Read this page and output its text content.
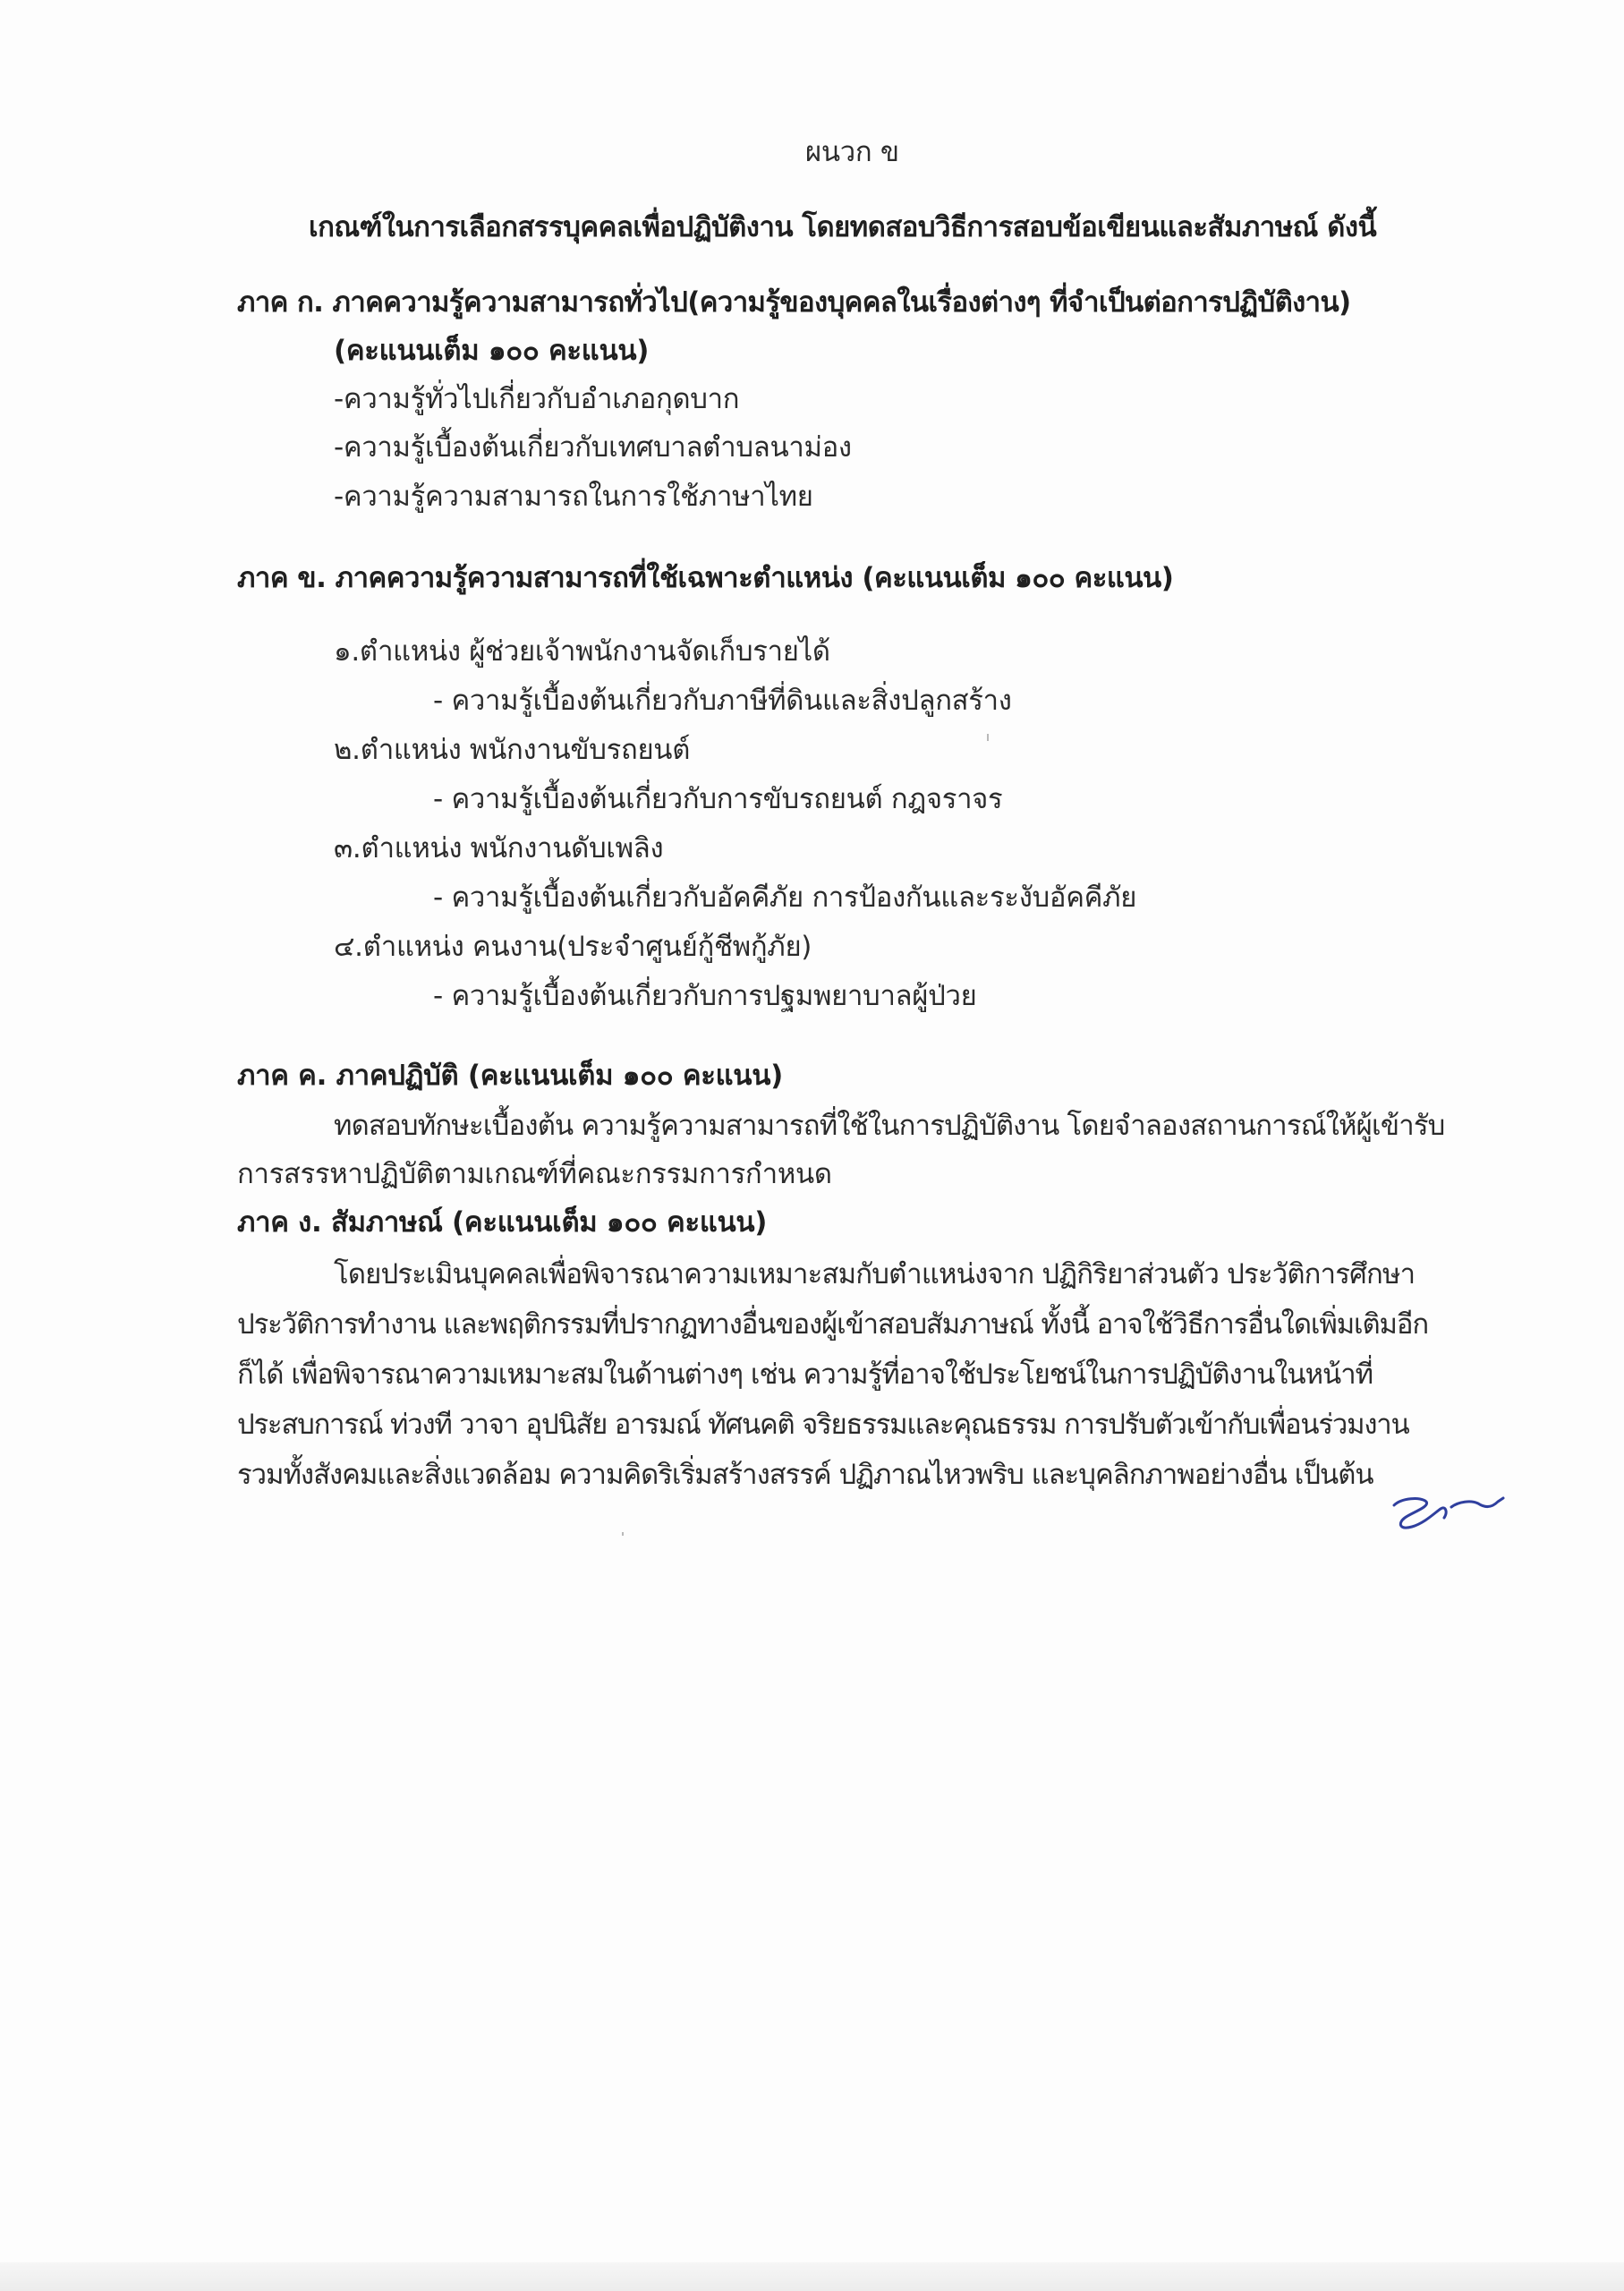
ผนวก ข
เกณฑ์ในการเลือกสรรบุคคลเพื่อปฏิบัติงาน โดยทดสอบวิธีการสอบข้อเขียนและสัมภาษณ์ ดังนี้
ภาค ก. ภาคความรู้ความสามารถทั่วไป(ความรู้ของบุคคลในเรื่องต่างๆ ที่จำเป็นต่อการปฏิบัติงาน)
(คะแนนเต็ม ๑๐๐ คะแนน)
-ความรู้ทั่วไปเกี่ยวกับอำเภอกุดบาก
-ความรู้เบื้องต้นเกี่ยวกับเทศบาลตำบลนาม่อง
-ความรู้ความสามารถในการใช้ภาษาไทย
ภาค ข. ภาคความรู้ความสามารถที่ใช้เฉพาะตำแหน่ง (คะแนนเต็ม ๑๐๐ คะแนน)
๑.ตำแหน่ง ผู้ช่วยเจ้าพนักงานจัดเก็บรายได้
- ความรู้เบื้องต้นเกี่ยวกับภาษีที่ดินและสิ่งปลูกสร้าง
๒.ตำแหน่ง พนักงานขับรถยนต์
- ความรู้เบื้องต้นเกี่ยวกับการขับรถยนต์ กฎจราจร
๓.ตำแหน่ง พนักงานดับเพลิง
- ความรู้เบื้องต้นเกี่ยวกับอัคคีภัย การป้องกันและระงับอัคคีภัย
๔.ตำแหน่ง คนงาน(ประจำศูนย์กู้ชีพกู้ภัย)
- ความรู้เบื้องต้นเกี่ยวกับการปฐมพยาบาลผู้ป่วย
ภาค ค. ภาคปฏิบัติ (คะแนนเต็ม ๑๐๐ คะแนน)
ทดสอบทักษะเบื้องต้น ความรู้ความสามารถที่ใช้ในการปฏิบัติงาน โดยจำลองสถานการณ์ให้ผู้เข้ารับ
การสรรหาปฏิบัติตามเกณฑ์ที่คณะกรรมการกำหนด
ภาค ง. สัมภาษณ์ (คะแนนเต็ม ๑๐๐ คะแนน)
โดยประเมินบุคคลเพื่อพิจารณาความเหมาะสมกับตำแหน่งจาก ปฏิกิริยาส่วนตัว ประวัติการศึกษา
ประวัติการทำงาน และพฤติกรรมที่ปรากฏทางอื่นของผู้เข้าสอบสัมภาษณ์ ทั้งนี้ อาจใช้วิธีการอื่นใดเพิ่มเติมอีก
ก็ได้ เพื่อพิจารณาความเหมาะสมในด้านต่างๆ เช่น ความรู้ที่อาจใช้ประโยชน์ในการปฏิบัติงานในหน้าที่
ประสบการณ์ ท่วงที วาจา อุปนิสัย อารมณ์ ทัศนคติ จริยธรรมและคุณธรรม การปรับตัวเข้ากับเพื่อนร่วมงาน
รวมทั้งสังคมและสิ่งแวดล้อม ความคิดริเริ่มสร้างสรรค์ ปฏิภาณไหวพริบ และบุคลิกภาพอย่างอื่น เป็นต้น
